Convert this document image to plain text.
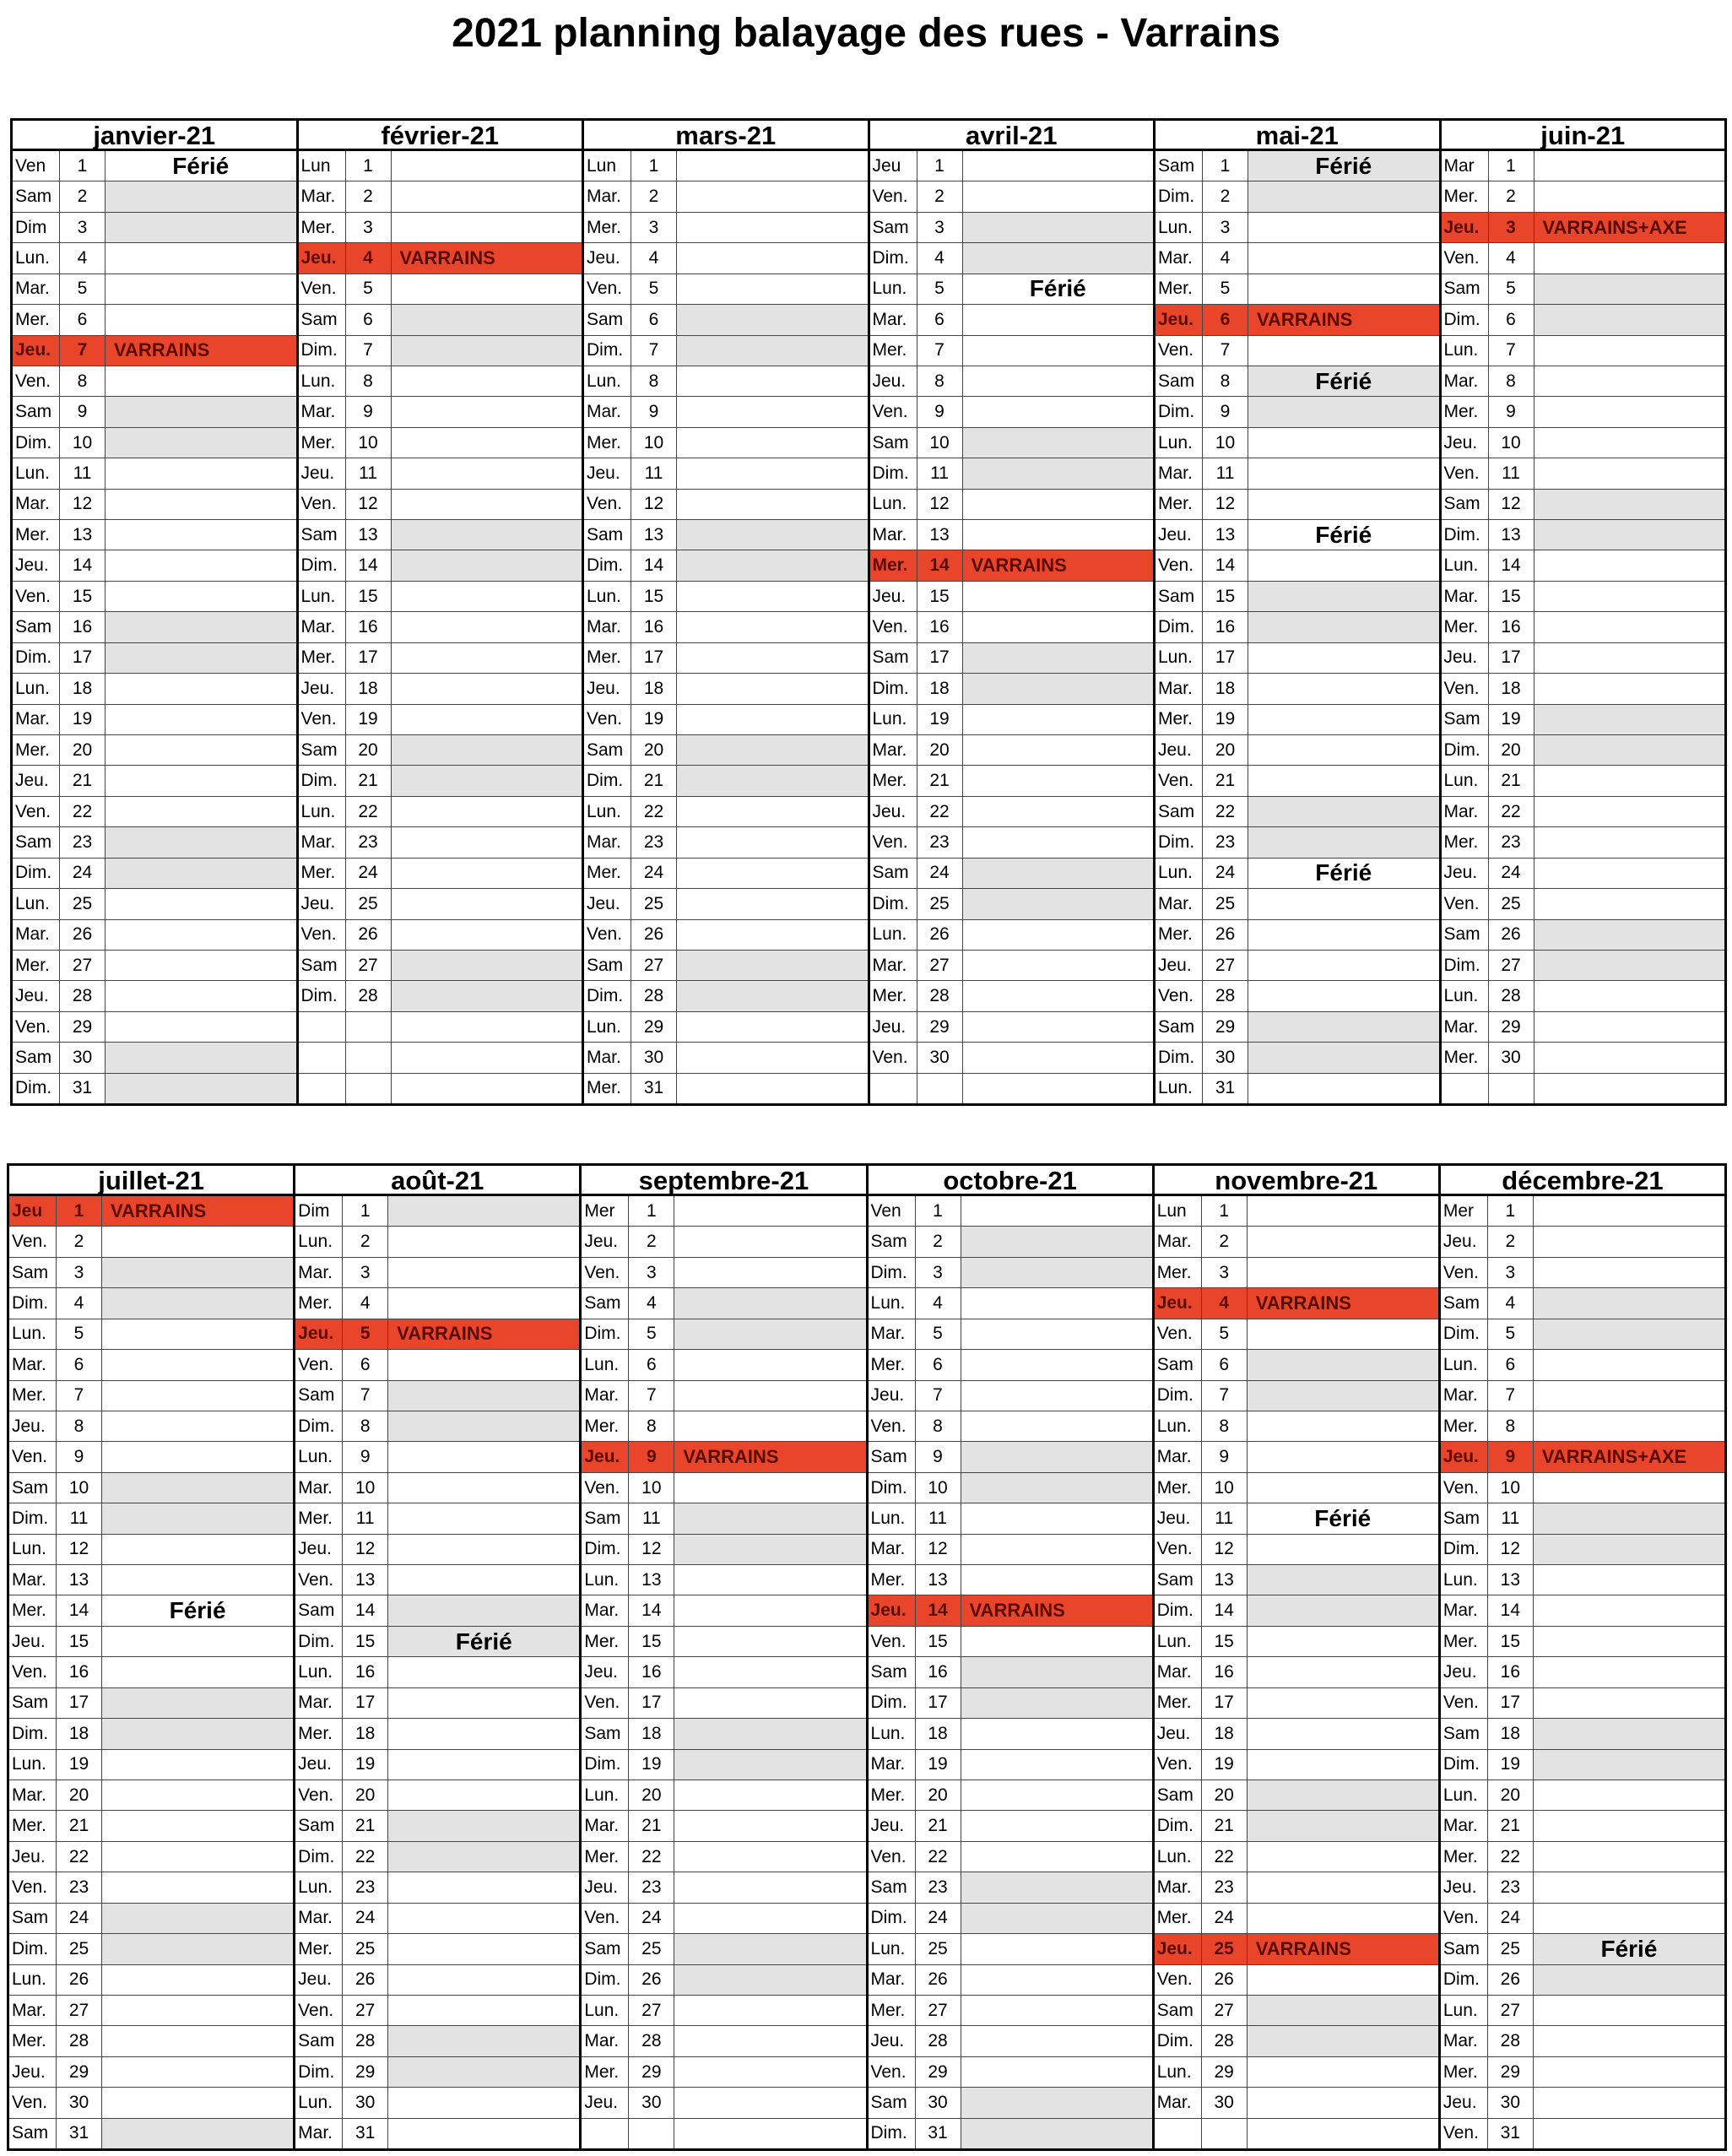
2021 planning balayage des rues - Varrains
janvier-21
Ven	1	Férié
Sam	2
Dim	3
Lun.	4
Mar.	5
Mer.	6
Jeu.	7	VARRAINS
Ven.	8
Sam	9
Dim.	10
Lun.	11
Mar.	12
Mer.	13
Jeu.	14
Ven.	15
Sam	16
Dim.	17
Lun.	18
Mar.	19
Mer.	20
Jeu.	21
Ven.	22
Sam	23
Dim.	24
Lun.	25
Mar.	26
Mer.	27
Jeu.	28
Ven.	29
Sam	30
Dim.	31
février-21
Lun	1
Mar.	2
Mer.	3
Jeu.	4	VARRAINS
Ven.	5
Sam	6
Dim.	7
Lun.	8
Mar.	9
Mer.	10
Jeu.	11
Ven.	12
Sam	13
Dim.	14
Lun.	15
Mar.	16
Mer.	17
Jeu.	18
Ven.	19
Sam	20
Dim.	21
Lun.	22
Mar.	23
Mer.	24
Jeu.	25
Ven.	26
Sam	27
Dim.	28
mars-21
Lun	1
Mar.	2
Mer.	3
Jeu.	4
Ven.	5
Sam	6
Dim.	7
Lun.	8
Mar.	9
Mer.	10
Jeu.	11
Ven.	12
Sam	13
Dim.	14
Lun.	15
Mar.	16
Mer.	17
Jeu.	18
Ven.	19
Sam	20
Dim.	21
Lun.	22
Mar.	23
Mer.	24
Jeu.	25
Ven.	26
Sam	27
Dim.	28
Lun.	29
Mar.	30
Mer.	31
avril-21
Jeu	1
Ven.	2
Sam	3
Dim.	4
Lun.	5	Férié
Mar.	6
Mer.	7
Jeu.	8
Ven.	9
Sam	10
Dim.	11
Lun.	12
Mar.	13
Mer.	14	VARRAINS
Jeu.	15
Ven.	16
Sam	17
Dim.	18
Lun.	19
Mar.	20
Mer.	21
Jeu.	22
Ven.	23
Sam	24
Dim.	25
Lun.	26
Mar.	27
Mer.	28
Jeu.	29
Ven.	30
mai-21
Sam	1	Férié
Dim.	2
Lun.	3
Mar.	4
Mer.	5
Jeu.	6	VARRAINS
Ven.	7
Sam	8	Férié
Dim.	9
Lun.	10
Mar.	11
Mer.	12
Jeu.	13	Férié
Ven.	14
Sam	15
Dim.	16
Lun.	17
Mar.	18
Mer.	19
Jeu.	20
Ven.	21
Sam	22
Dim.	23
Lun.	24	Férié
Mar.	25
Mer.	26
Jeu.	27
Ven.	28
Sam	29
Dim.	30
Lun.	31
juin-21
Mar	1
Mer.	2
Jeu.	3	VARRAINS+AXE
Ven.	4
Sam	5
Dim.	6
Lun.	7
Mar.	8
Mer.	9
Jeu.	10
Ven.	11
Sam	12
Dim.	13
Lun.	14
Mar.	15
Mer.	16
Jeu.	17
Ven.	18
Sam	19
Dim.	20
Lun.	21
Mar.	22
Mer.	23
Jeu.	24
Ven.	25
Sam	26
Dim.	27
Lun.	28
Mar.	29
Mer.	30
juillet-21
Jeu	1	VARRAINS
Ven.	2
Sam	3
Dim.	4
Lun.	5
Mar.	6
Mer.	7
Jeu.	8
Ven.	9
Sam	10
Dim.	11
Lun.	12
Mar.	13
Mer.	14	Férié
Jeu.	15
Ven.	16
Sam	17
Dim.	18
Lun.	19
Mar.	20
Mer.	21
Jeu.	22
Ven.	23
Sam	24
Dim.	25
Lun.	26
Mar.	27
Mer.	28
Jeu.	29
Ven.	30
Sam	31
août-21
Dim	1
Lun.	2
Mar.	3
Mer.	4
Jeu.	5	VARRAINS
Ven.	6
Sam	7
Dim.	8
Lun.	9
Mar.	10
Mer.	11
Jeu.	12
Ven.	13
Sam	14
Dim.	15	Férié
Lun.	16
Mar.	17
Mer.	18
Jeu.	19
Ven.	20
Sam	21
Dim.	22
Lun.	23
Mar.	24
Mer.	25
Jeu.	26
Ven.	27
Sam	28
Dim.	29
Lun.	30
Mar.	31
septembre-21
Mer	1
Jeu.	2
Ven.	3
Sam	4
Dim.	5
Lun.	6
Mar.	7
Mer.	8
Jeu.	9	VARRAINS
Ven.	10
Sam	11
Dim.	12
Lun.	13
Mar.	14
Mer.	15
Jeu.	16
Ven.	17
Sam	18
Dim.	19
Lun.	20
Mar.	21
Mer.	22
Jeu.	23
Ven.	24
Sam	25
Dim.	26
Lun.	27
Mar.	28
Mer.	29
Jeu.	30
octobre-21
Ven	1
Sam	2
Dim.	3
Lun.	4
Mar.	5
Mer.	6
Jeu.	7
Ven.	8
Sam	9
Dim.	10
Lun.	11
Mar.	12
Mer.	13
Jeu.	14	VARRAINS
Ven.	15
Sam	16
Dim.	17
Lun.	18
Mar.	19
Mer.	20
Jeu.	21
Ven.	22
Sam	23
Dim.	24
Lun.	25
Mar.	26
Mer.	27
Jeu.	28
Ven.	29
Sam	30
Dim.	31
novembre-21
Lun	1
Mar.	2
Mer.	3
Jeu.	4	VARRAINS
Ven.	5
Sam	6
Dim.	7
Lun.	8
Mar.	9
Mer.	10
Jeu.	11	Férié
Ven.	12
Sam	13
Dim.	14
Lun.	15
Mar.	16
Mer.	17
Jeu.	18
Ven.	19
Sam	20
Dim.	21
Lun.	22
Mar.	23
Mer.	24
Jeu.	25	VARRAINS
Ven.	26
Sam	27
Dim.	28
Lun.	29
Mar.	30
décembre-21
Mer	1
Jeu.	2
Ven.	3
Sam	4
Dim.	5
Lun.	6
Mar.	7
Mer.	8
Jeu.	9	VARRAINS+AXE
Ven.	10
Sam	11
Dim.	12
Lun.	13
Mar.	14
Mer.	15
Jeu.	16
Ven.	17
Sam	18
Dim.	19
Lun.	20
Mar.	21
Mer.	22
Jeu.	23
Ven.	24
Sam	25	Férié
Dim.	26
Lun.	27
Mar.	28
Mer.	29
Jeu.	30
Ven.	31
